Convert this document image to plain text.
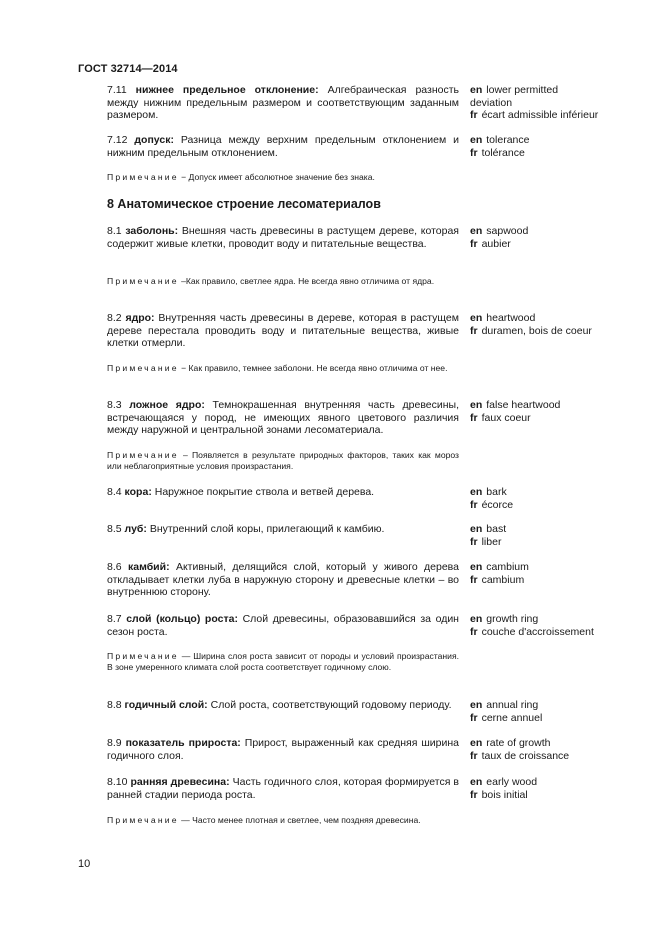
ГОСТ 32714—2014
7.11 нижнее предельное отклонение: Алгебраическая разность между нижним предельным размером и соответствующим заданным размером.
en lower permitted
deviation
fr écart admissible inférieur
7.12 допуск: Разница между верхним предельным отклонением и нижним предельным отклонением.
en tolerance
fr tolérance
Примечание − Допуск имеет абсолютное значение без знака.
8 Анатомическое строение лесоматериалов
8.1 заболонь: Внешняя часть древесины в растущем дереве, которая содержит живые клетки, проводит воду и питательные вещества.
en sapwood
fr aubier
Примечание –Как правило, светлее ядра. Не всегда явно отличима от ядра.
8.2 ядро: Внутренняя часть древесины в дереве, которая в растущем дереве перестала проводить воду и питательные вещества, живые клетки отмерли.
en heartwood
fr duramen, bois de coeur
Примечание − Как правило, темнее заболони. Не всегда явно отличима от нее.
8.3 ложное ядро: Темнокрашенная внутренняя часть древесины, встречающаяся у пород, не имеющих явного цветового различия между наружной и центральной зонами лесоматериала.
en false heartwood
fr faux coeur
Примечание – Появляется в результате природных факторов, таких как мороз или неблагоприятные условия произрастания.
8.4 кора: Наружное покрытие ствола и ветвей дерева.	en bark
fr écorce
8.5 луб: Внутренний слой коры, прилегающий к камбию.	en bast
fr liber
8.6 камбий: Активный, делящийся слой, который у живого дерева откладывает клетки луба в наружную сторону и древесные клетки – во внутреннюю сторону.
en cambium
fr cambium
8.7 слой (кольцо) роста: Слой древесины, образовавшийся за один сезон роста.
en growth ring
fr couche d'accroissement
Примечание — Ширина слоя роста зависит от породы и условий произрастания. В зоне умеренного климата слой роста соответствует годичному слою.
8.8 годичный слой: Слой роста, соответствующий годовому периоду.	en annual ring
fr cerne annuel
8.9 показатель прироста: Прирост, выраженный как средняя ширина годичного слоя.
en rate of growth
fr taux de croissance
8.10 ранняя древесина: Часть годичного слоя, которая формируется в ранней стадии периода роста.
en early wood
fr bois initial
Примечание — Часто менее плотная и светлее, чем поздняя древесина.
10
